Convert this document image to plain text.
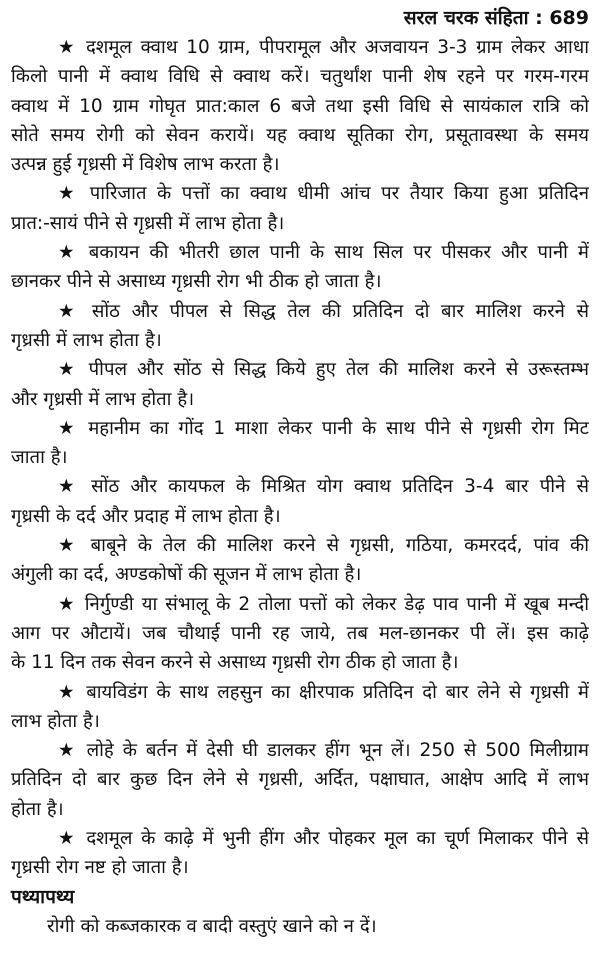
सरल चरक संहिता : 689
★ दशमूल क्वाथ 10 ग्राम, पीपरामूल और अजवायन 3-3 ग्राम लेकर आधा
किलो पानी में क्वाथ विधि से क्वाथ करें। चतुर्थांश पानी शेष रहने पर गरम-गरम
क्वाथ में 10 ग्राम गोघृत प्रात:काल 6 बजे तथा इसी विधि से सायंकाल रात्रि को
सोते समय रोगी को सेवन करायें। यह क्वाथ सूतिका रोग, प्रसूतावस्था के समय
उत्पन्न हुई गृध्रसी में विशेष लाभ करता है।
★ पारिजात के पत्तों का क्वाथ धीमी आंच पर तैयार किया हुआ प्रतिदिन
प्रात:-सायं पीने से गृध्रसी में लाभ होता है।
★ बकायन की भीतरी छाल पानी के साथ सिल पर पीसकर और पानी में
छानकर पीने से असाध्य गृध्रसी रोग भी ठीक हो जाता है।
★ सोंठ और पीपल से सिद्ध तेल की प्रतिदिन दो बार मालिश करने से
गृध्रसी में लाभ होता है।
★ पीपल और सोंठ से सिद्ध किये हुए तेल की मालिश करने से उरूस्तम्भ
और गृध्रसी में लाभ होता है।
★ महानीम का गोंद 1 माशा लेकर पानी के साथ पीने से गृध्रसी रोग मिट
जाता है।
★ सोंठ और कायफल के मिश्रित योग क्वाथ प्रतिदिन 3-4 बार पीने से
गृध्रसी के दर्द और प्रदाह में लाभ होता है।
★ बाबूने के तेल की मालिश करने से गृध्रसी, गठिया, कमरदर्द, पांव की
अंगुली का दर्द, अण्डकोषों की सूजन में लाभ होता है।
★ निर्गुण्डी या संभालू के 2 तोला पत्तों को लेकर डेढ़ पाव पानी में खूब मन्दी
आग पर औटायें। जब चौथाई पानी रह जाये, तब मल-छानकर पी लें। इस काढ़े
के 11 दिन तक सेवन करने से असाध्य गृध्रसी रोग ठीक हो जाता है।
★ बायविडंग के साथ लहसुन का क्षीरपाक प्रतिदिन दो बार लेने से गृध्रसी में
लाभ होता है।
★ लोहे के बर्तन में देसी घी डालकर हींग भून लें। 250 से 500 मिलीग्राम
प्रतिदिन दो बार कुछ दिन लेने से गृध्रसी, अर्दित, पक्षाघात, आक्षेप आदि में लाभ
होता है।
★ दशमूल के काढ़े में भुनी हींग और पोहकर मूल का चूर्ण मिलाकर पीने से
गृध्रसी रोग नष्ट हो जाता है।
पथ्यापथ्य
रोगी को कब्जकारक व बादी वस्तुएं खाने को न दें।
